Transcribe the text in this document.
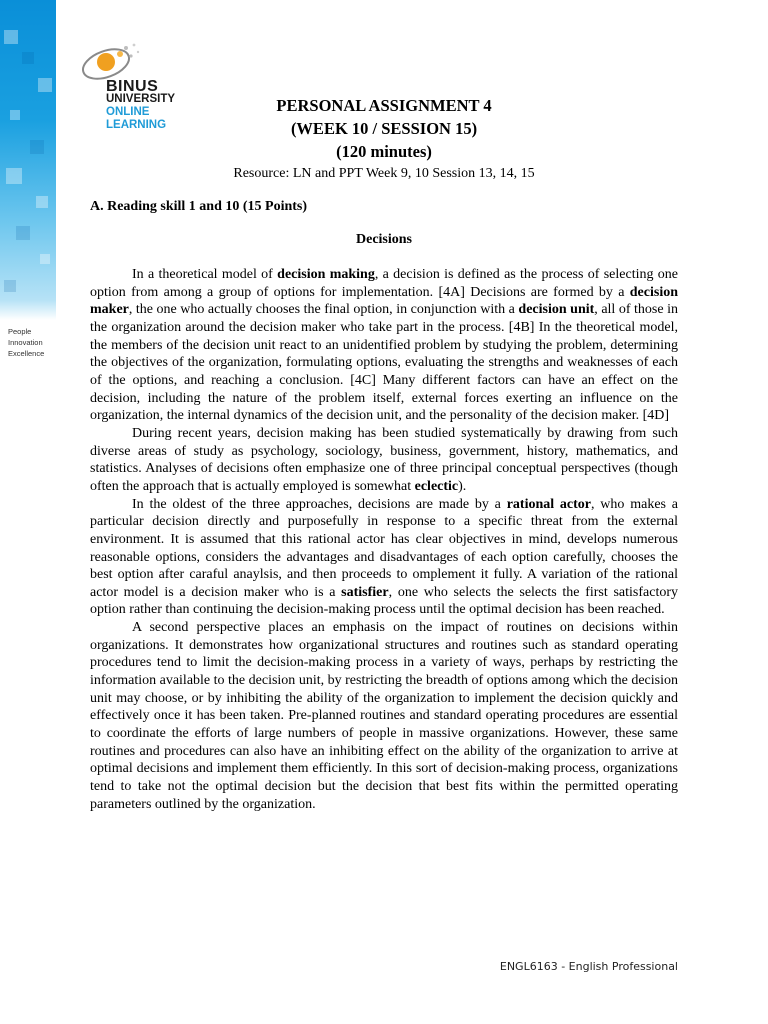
People
Innovation
Excellence
BINUS
UNIVERSITY
ONLINE
LEARNING
PERSONAL ASSIGNMENT 4
(WEEK 10 / SESSION 15)
(120 minutes)
Resource: LN and PPT Week 9, 10 Session 13, 14, 15
A. Reading skill 1 and 10 (15 Points)
Decisions

In a theoretical model of decision making, a decision is defined as the process of selecting one option from among a group of options for implementation. [4A] Decisions are formed by a decision maker, the one who actually chooses the final option, in conjunction with a decision unit, all of those in the organization around the decision maker who take part in the process. [4B] In the theoretical model, the members of the decision unit react to an unidentified problem by studying the problem, determining the objectives of the organization, formulating options, evaluating the strengths and weaknesses of each of the options, and reaching a conclusion. [4C] Many different factors can have an effect on the decision, including the nature of the problem itself, external forces exerting an influence on the organization, the internal dynamics of the decision unit, and the personality of the decision maker. [4D]

During recent years, decision making has been studied systematically by drawing from such diverse areas of study as psychology, sociology, business, government, history, mathematics, and statistics. Analyses of decisions often emphasize one of three principal conceptual perspectives (though often the approach that is actually employed is somewhat eclectic).

In the oldest of the three approaches, decisions are made by a rational actor, who makes a particular decision directly and purposefully in response to a specific threat from the external environment. It is assumed that this rational actor has clear objectives in mind, develops numerous reasonable options, considers the advantages and disadvantages of each option carefully, chooses the best option after caraful anaylsis, and then proceeds to omplement it fully. A variation of the rational actor model is a decision maker who is a satisfier, one who selects the selects the first satisfactory option rather than continuing the decision-making process until the optimal decision has been reached.

A second perspective places an emphasis on the impact of routines on decisions within organizations. It demonstrates how organizational structures and routines such as standard operating procedures tend to limit the decision-making process in a variety of ways, perhaps by restricting the information available to the decision unit, by restricting the breadth of options among which the decision unit may choose, or by inhibiting the ability of the organization to implement the decision quickly and effectively once it has been taken. Pre-planned routines and standard operating procedures are essential to coordinate the efforts of large numbers of people in massive organizations. However, these same routines and procedures can also have an inhibiting effect on the ability of the organization to arrive at optimal decisions and implement them efficiently. In this sort of decision-making process, organizations tend to take not the optimal decision but the decision that best fits within the permitted operating parameters outlined by the organization.

ENGL6163 - English Professional
